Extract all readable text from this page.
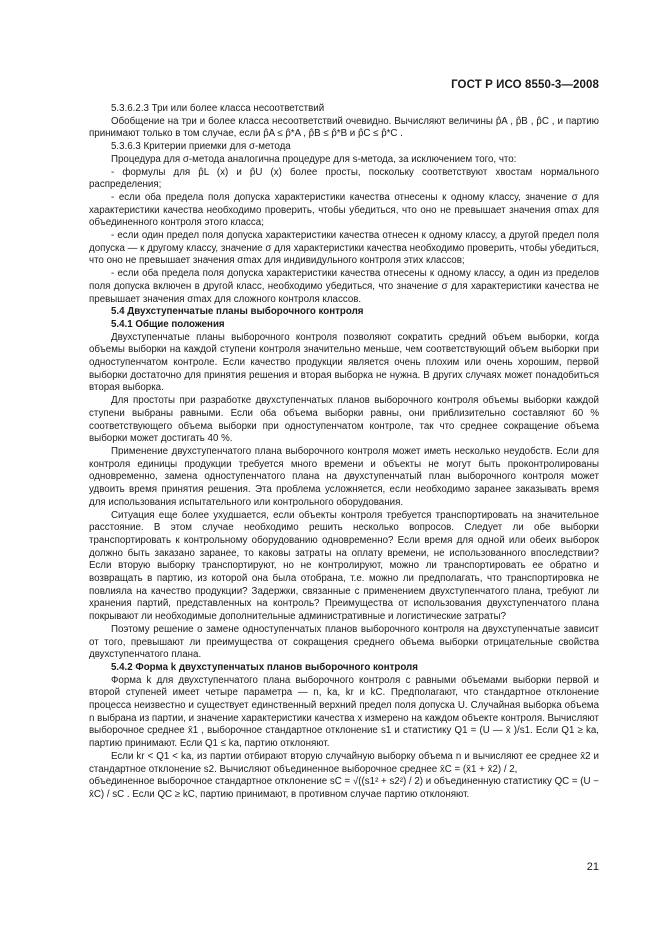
ГОСТ Р ИСО 8550-3—2008

5.3.6.2.3 Три или более класса несоответствий

Обобщение на три и более класса несоответствий очевидно. Вычисляют величины p̂A , p̂B , p̂C , и партию принимают только в том случае, если p̂A ≤ p̂*A , p̂B ≤ p̂*B и p̂C ≤ p̂*C .

5.3.6.3 Критерии приемки для σ-метода

Процедура для σ-метода аналогична процедуре для s-метода, за исключением того, что:

- формулы для p̂L (x) и p̂U (x) более просты, поскольку соответствуют хвостам нормального распределения;

- если оба предела поля допуска характеристики качества отнесены к одному классу, значение σ для характеристики качества необходимо проверить, чтобы убедиться, что оно не превышает значения σmax для объединенного контроля этого класса;

- если один предел поля допуска характеристики качества отнесен к одному классу, а другой предел поля допуска — к другому классу, значение σ для характеристики качества необходимо проверить, чтобы убедиться, что оно не превышает значения σmax для индивидульного контроля этих классов;

- если оба предела поля допуска характеристики качества отнесены к одному классу, а один из пределов поля допуска включен в другой класс, необходимо убедиться, что значение σ для характеристики качества не превышает значения σmax для сложного контроля классов.

5.4 Двухступенчатые планы выборочного контроля

5.4.1 Общие положения

Двухступенчатые планы выборочного контроля позволяют сократить средний объем выборки, когда объемы выборки на каждой ступени контроля значительно меньше, чем соответствующий объем выборки при одноступенчатом контроле. Если качество продукции является очень плохим или очень хорошим, первой выборки достаточно для принятия решения и вторая выборка не нужна. В других случаях может понадобиться вторая выборка.

Для простоты при разработке двухступенчатых планов выборочного контроля объемы выборки каждой ступени выбраны равными. Если оба объема выборки равны, они приблизительно составляют 60 % соответствующего объема выборки при одноступенчатом контроле, так что среднее сокращение объема выборки может достигать 40 %.

Применение двухступенчатого плана выборочного контроля может иметь несколько неудобств. Если для контроля единицы продукции требуется много времени и объекты не могут быть проконтролированы одновременно, замена одноступенчатого плана на двухступенчатый план выборочного контроля может удвоить время принятия решения. Эта проблема усложняется, если необходимо заранее заказывать время для использования испытательного или контрольного оборудования.

Ситуация еще более ухудшается, если объекты контроля требуется транспортировать на значительное расстояние. В этом случае необходимо решить несколько вопросов. Следует ли обе выборки транспортировать к контрольному оборудованию одновременно? Если время для одной или обеих выборок должно быть заказано заранее, то каковы затраты на оплату времени, не использованного впоследствии? Если вторую выборку транспортируют, но не контролируют, можно ли транспортировать ее обратно и возвращать в партию, из которой она была отобрана, т.е. можно ли предполагать, что транспортировка не повлияла на качество продукции? Задержки, связанные с применением двухступенчатого плана, требуют ли хранения партий, представленных на контроль? Преимущества от использования двухступенчатого плана покрывают ли необходимые дополнительные административные и логистические затраты?

Поэтому решение о замене одноступенчатых планов выборочного контроля на двухступенчатые зависит от того, превышают ли преимущества от сокращения среднего объема выборки отрицательные свойства двухступенчатого плана.

5.4.2 Форма k двухступенчатых планов выборочного контроля

Форма k для двухступенчатого плана выборочного контроля с равными объемами выборки первой и второй ступеней имеет четыре параметра — n, ka, kr и kC. Предполагают, что стандартное отклонение процесса неизвестно и существует единственный верхний предел поля допуска U. Случайная выборка объема n выбрана из партии, и значение характеристики качества x измерено на каждом объекте контроля. Вычисляют выборочное среднее x̄1 , выборочное стандартное отклонение s1 и статистику Q1 = (U — x̄ )/s1. Если Q1 ≥ ka, партию принимают. Если Q1 ≤ ka, партию отклоняют.

Если kr < Q1 < ka, из партии отбирают вторую случайную выборку объема n и вычисляют ее среднее x̄2 и стандартное отклонение s2. Вычисляют объединенное выборочное среднее x̄C = (x̄1 + x̄2) / 2,

объединенное выборочное стандартное отклонение sC = √((s1² + s2²) / 2) и объединенную статистику QC = (U − x̄C) / sC . Если QC ≥ kC, партию принимают, в противном случае партию отклоняют.

21
